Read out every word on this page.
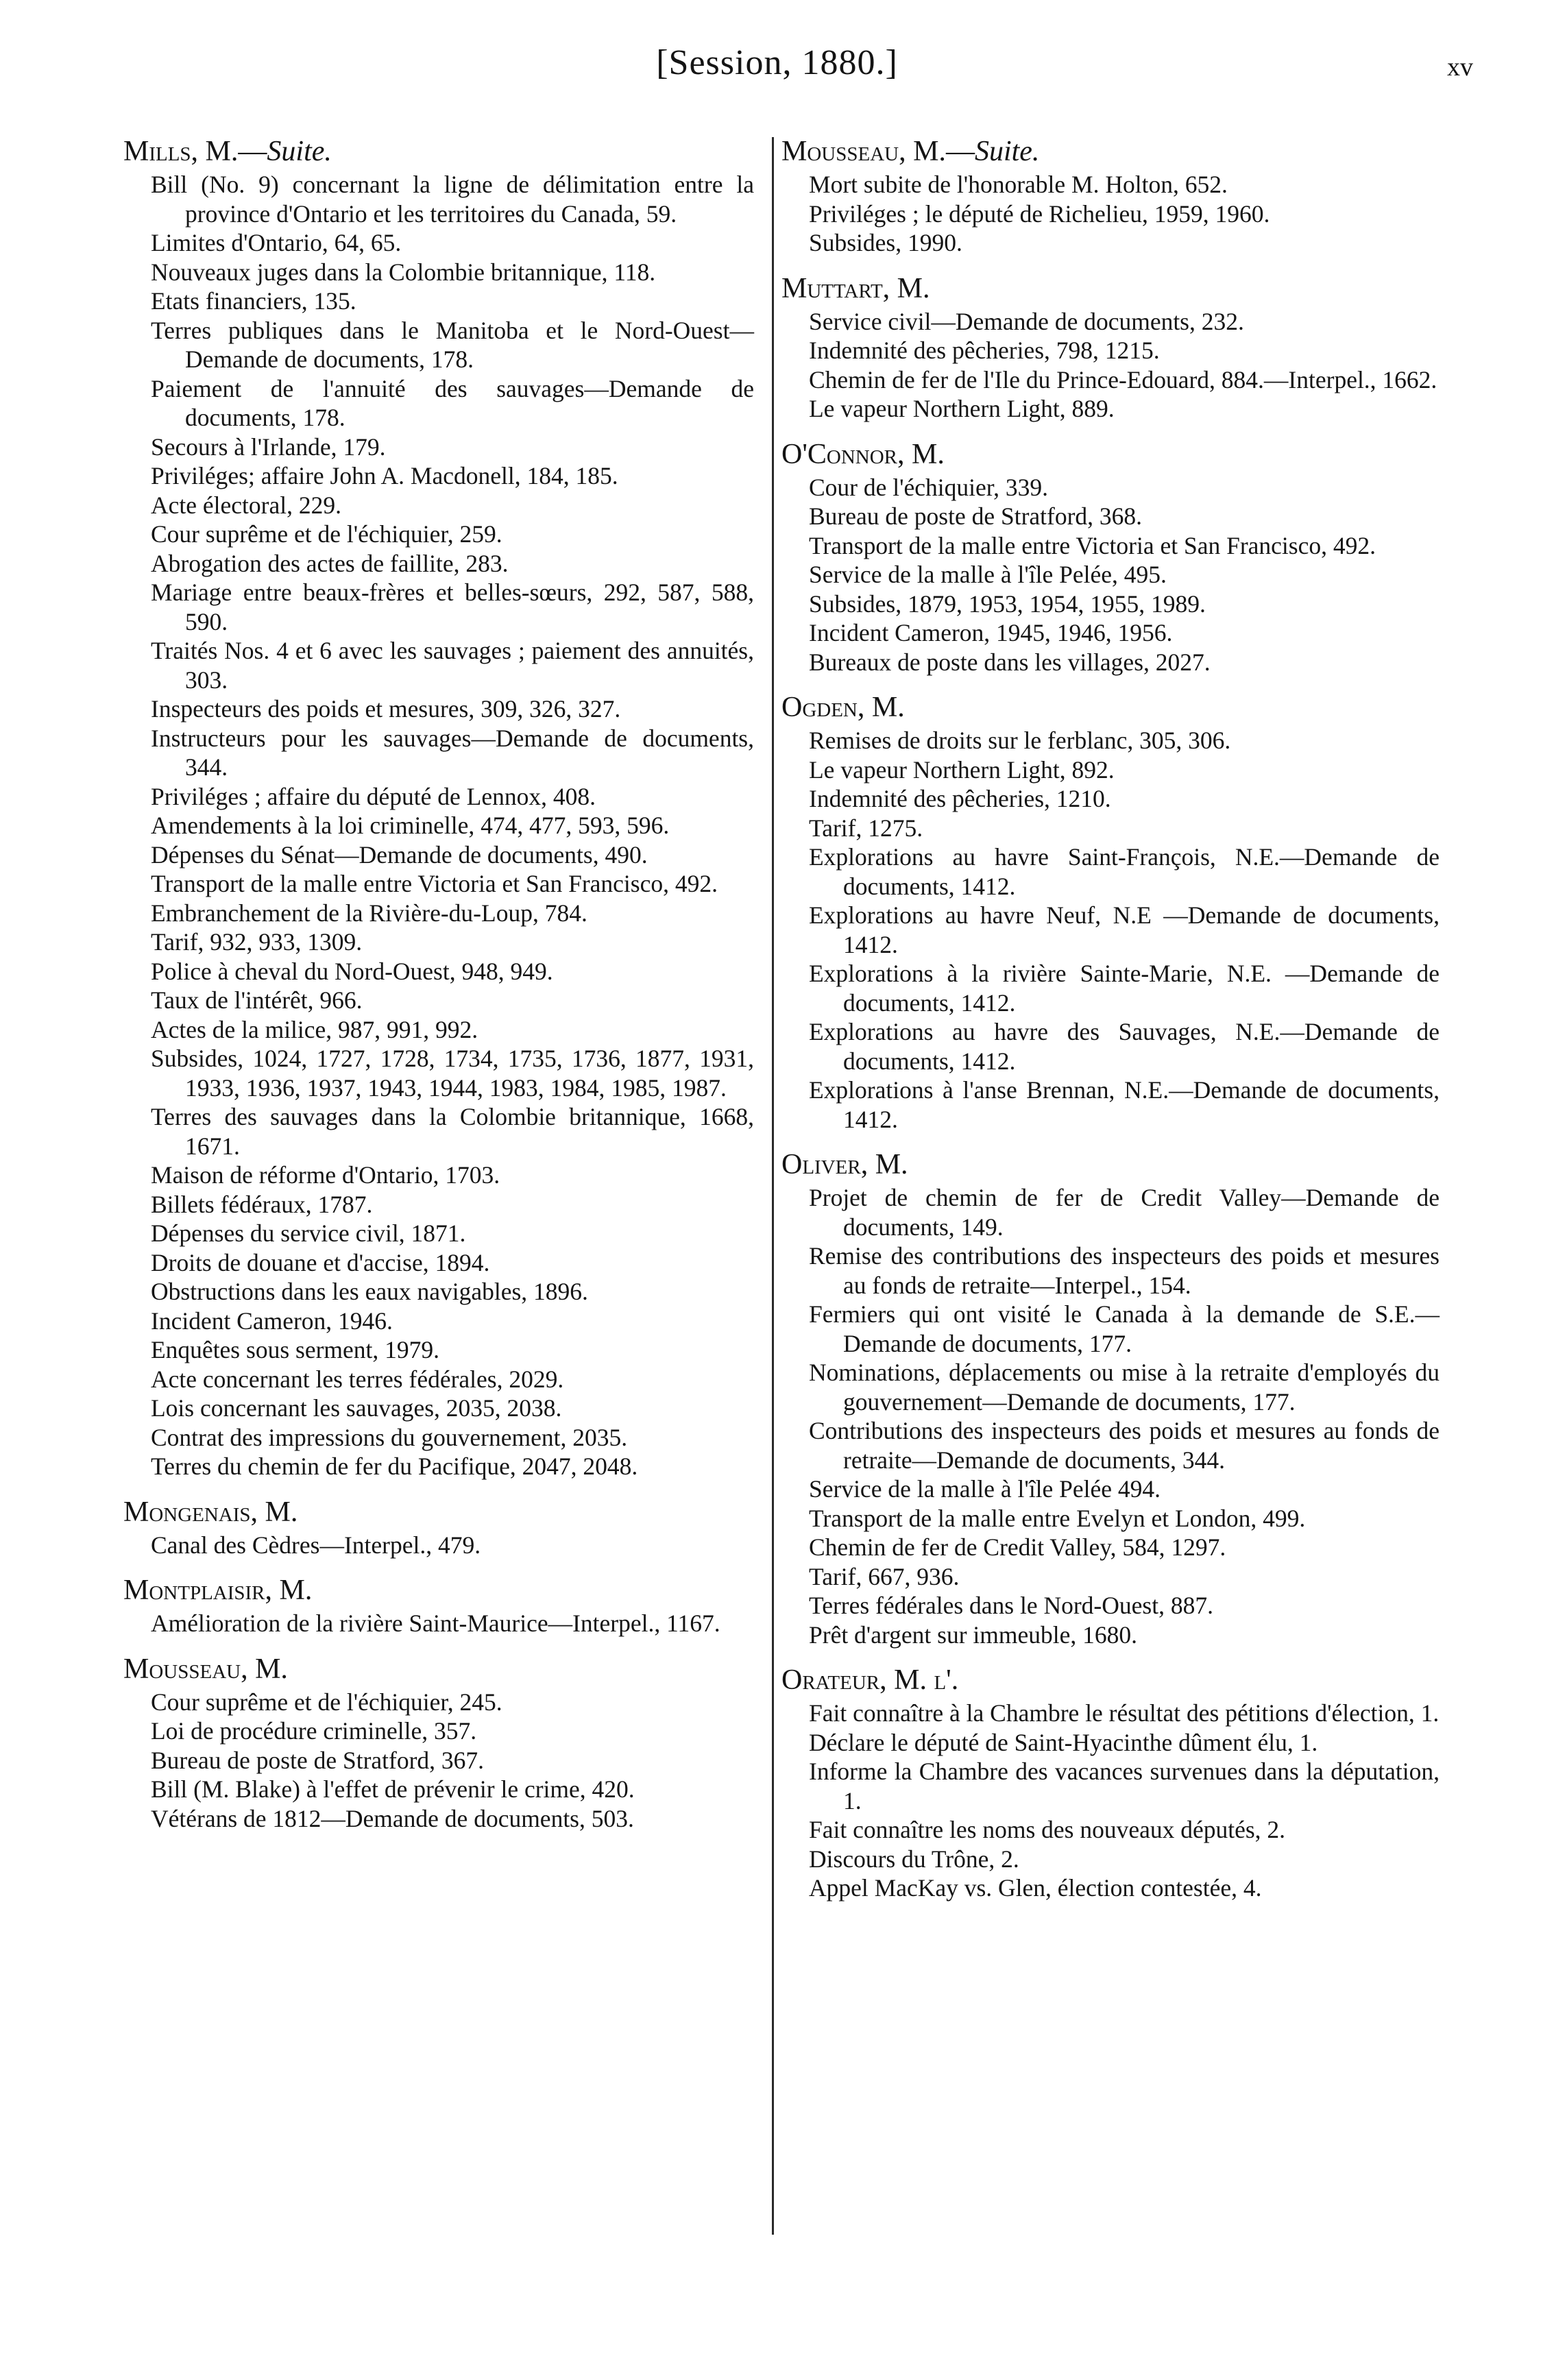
[Session, 1880.]	xv
Mills, M.—Suite.

Bill (No. 9) concernant la ligne de délimitation entre la province d'Ontario et les territoires du Canada, 59.

Limites d'Ontario, 64, 65.

Nouveaux juges dans la Colombie britannique, 118.

Etats financiers, 135.

Terres publiques dans le Manitoba et le Nord-Ouest—Demande de documents, 178.

Paiement de l'annuité des sauvages—Demande de documents, 178.

Secours à l'Irlande, 179.

Priviléges; affaire John A. Macdonell, 184, 185.

Acte électoral, 229.

Cour suprême et de l'échiquier, 259.

Abrogation des actes de faillite, 283.

Mariage entre beaux-frères et belles-sœurs, 292, 587, 588, 590.

Traités Nos. 4 et 6 avec les sauvages ; paiement des annuités, 303.

Inspecteurs des poids et mesures, 309, 326, 327.

Instructeurs pour les sauvages—Demande de documents, 344.

Priviléges ; affaire du député de Lennox, 408.

Amendements à la loi criminelle, 474, 477, 593, 596.

Dépenses du Sénat—Demande de documents, 490.

Transport de la malle entre Victoria et San Francisco, 492.

Embranchement de la Rivière-du-Loup, 784.

Tarif, 932, 933, 1309.

Police à cheval du Nord-Ouest, 948, 949.

Taux de l'intérêt, 966.

Actes de la milice, 987, 991, 992.

Subsides, 1024, 1727, 1728, 1734, 1735, 1736, 1877, 1931, 1933, 1936, 1937, 1943, 1944, 1983, 1984, 1985, 1987.

Terres des sauvages dans la Colombie britannique, 1668, 1671.

Maison de réforme d'Ontario, 1703.

Billets fédéraux, 1787.

Dépenses du service civil, 1871.

Droits de douane et d'accise, 1894.

Obstructions dans les eaux navigables, 1896.

Incident Cameron, 1946.

Enquêtes sous serment, 1979.

Acte concernant les terres fédérales, 2029.

Lois concernant les sauvages, 2035, 2038.

Contrat des impressions du gouvernement, 2035.

Terres du chemin de fer du Pacifique, 2047, 2048.

Mongenais, M.

Canal des Cèdres—Interpel., 479.

Montplaisir, M.

Amélioration de la rivière Saint-Maurice—Interpel., 1167.

Mousseau, M.

Cour suprême et de l'échiquier, 245.

Loi de procédure criminelle, 357.

Bureau de poste de Stratford, 367.

Bill (M. Blake) à l'effet de prévenir le crime, 420.

Vétérans de 1812—Demande de documents, 503.

Mousseau, M.—Suite.

Mort subite de l'honorable M. Holton, 652.

Priviléges ; le député de Richelieu, 1959, 1960.

Subsides, 1990.

Muttart, M.

Service civil—Demande de documents, 232.

Indemnité des pêcheries, 798, 1215.

Chemin de fer de l'Ile du Prince-Edouard, 884.—Interpel., 1662.

Le vapeur Northern Light, 889.

O'Connor, M.

Cour de l'échiquier, 339.

Bureau de poste de Stratford, 368.

Transport de la malle entre Victoria et San Francisco, 492.

Service de la malle à l'île Pelée, 495.

Subsides, 1879, 1953, 1954, 1955, 1989.

Incident Cameron, 1945, 1946, 1956.

Bureaux de poste dans les villages, 2027.

Ogden, M.

Remises de droits sur le ferblanc, 305, 306.

Le vapeur Northern Light, 892.

Indemnité des pêcheries, 1210.

Tarif, 1275.

Explorations au havre Saint-François, N.E.—Demande de documents, 1412.

Explorations au havre Neuf, N.E —Demande de documents, 1412.

Explorations à la rivière Sainte-Marie, N.E. —Demande de documents, 1412.

Explorations au havre des Sauvages, N.E.—Demande de documents, 1412.

Explorations à l'anse Brennan, N.E.—Demande de documents, 1412.

Oliver, M.

Projet de chemin de fer de Credit Valley—Demande de documents, 149.

Remise des contributions des inspecteurs des poids et mesures au fonds de retraite—Interpel., 154.

Fermiers qui ont visité le Canada à la demande de S.E.—Demande de documents, 177.

Nominations, déplacements ou mise à la retraite d'employés du gouvernement—Demande de documents, 177.

Contributions des inspecteurs des poids et mesures au fonds de retraite—Demande de documents, 344.

Service de la malle à l'île Pelée 494.

Transport de la malle entre Evelyn et London, 499.

Chemin de fer de Credit Valley, 584, 1297.

Tarif, 667, 936.

Terres fédérales dans le Nord-Ouest, 887.

Prêt d'argent sur immeuble, 1680.

Orateur, M. l'.

Fait connaître à la Chambre le résultat des pétitions d'élection, 1.

Déclare le député de Saint-Hyacinthe dûment élu, 1.

Informe la Chambre des vacances survenues dans la députation, 1.

Fait connaître les noms des nouveaux députés, 2.

Discours du Trône, 2.

Appel MacKay vs. Glen, élection contestée, 4.
